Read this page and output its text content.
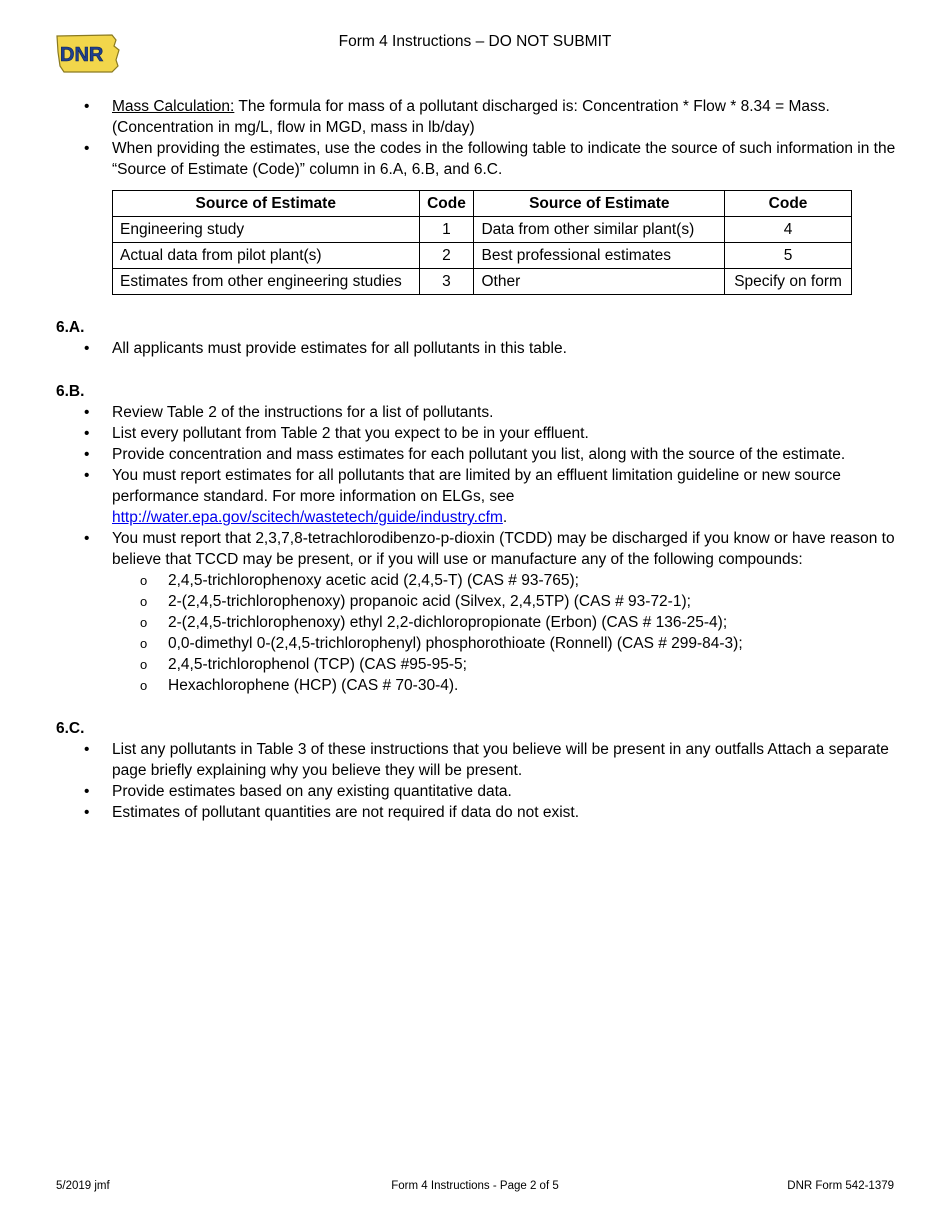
DNR
Form 4 Instructions – DO NOT SUBMIT
• Mass Calculation: The formula for mass of a pollutant discharged is: Concentration * Flow * 8.34 = Mass. (Concentration in mg/L, flow in MGD, mass in lb/day)
• When providing the estimates, use the codes in the following table to indicate the source of such information in the “Source of Estimate (Code)” column in 6.A, 6.B, and 6.C.
Source of Estimate	Code	Source of Estimate	Code
Engineering study	1	Data from other similar plant(s)	4
Actual data from pilot plant(s)	2	Best professional estimates	5
Estimates from other engineering studies	3	Other	Specify on form
6.A.
• All applicants must provide estimates for all pollutants in this table.
6.B.
• Review Table 2 of the instructions for a list of pollutants.
• List every pollutant from Table 2 that you expect to be in your effluent.
• Provide concentration and mass estimates for each pollutant you list, along with the source of the estimate.
• You must report estimates for all pollutants that are limited by an effluent limitation guideline or new source performance standard. For more information on ELGs, see http://water.epa.gov/scitech/wastetech/guide/industry.cfm.
• You must report that 2,3,7,8-tetrachlorodibenzo-p-dioxin (TCDD) may be discharged if you know or have reason to believe that TCCD may be present, or if you will use or manufacture any of the following compounds:
o 2,4,5-trichlorophenoxy acetic acid (2,4,5-T) (CAS # 93-765);
o 2-(2,4,5-trichlorophenoxy) propanoic acid (Silvex, 2,4,5TP) (CAS # 93-72-1);
o 2-(2,4,5-trichlorophenoxy) ethyl 2,2-dichloropropionate (Erbon) (CAS # 136-25-4);
o 0,0-dimethyl 0-(2,4,5-trichlorophenyl) phosphorothioate (Ronnell) (CAS # 299-84-3);
o 2,4,5-trichlorophenol (TCP) (CAS #95-95-5;
o Hexachlorophene (HCP) (CAS # 70-30-4).
6.C.
• List any pollutants in Table 3 of these instructions that you believe will be present in any outfalls Attach a separate page briefly explaining why you believe they will be present.
• Provide estimates based on any existing quantitative data.
• Estimates of pollutant quantities are not required if data do not exist.
5/2019 jmf	Form 4 Instructions - Page 2 of 5	DNR Form 542-1379
